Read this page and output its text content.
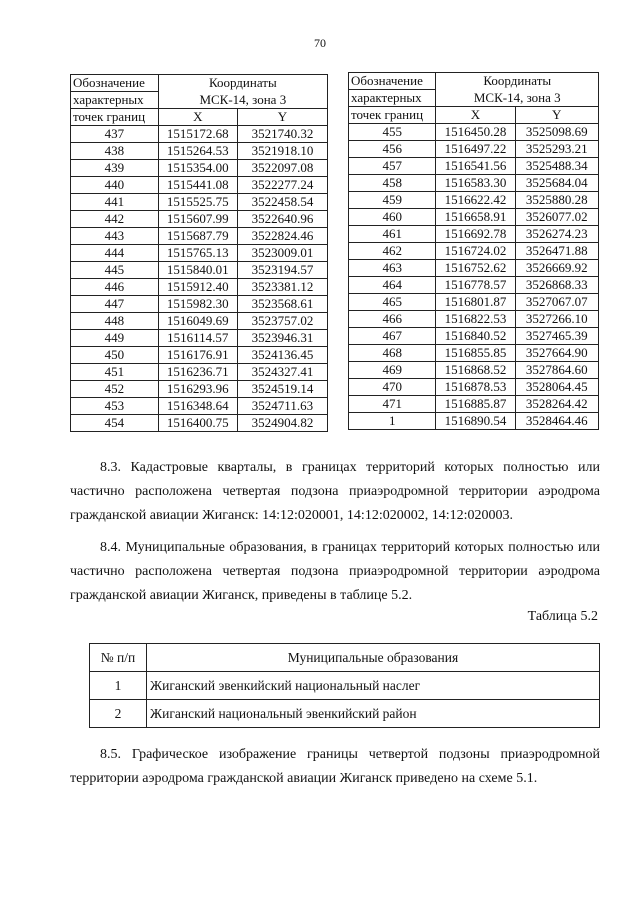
70
Обозначение	Координаты	
характерных	МСК-14, зона 3	
точек границ	X	Y
437	1515172.68	3521740.32
438	1515264.53	3521918.10
439	1515354.00	3522097.08
440	1515441.08	3522277.24
441	1515525.75	3522458.54
442	1515607.99	3522640.96
443	1515687.79	3522824.46
444	1515765.13	3523009.01
445	1515840.01	3523194.57
446	1515912.40	3523381.12
447	1515982.30	3523568.61
448	1516049.69	3523757.02
449	1516114.57	3523946.31
450	1516176.91	3524136.45
451	1516236.71	3524327.41
452	1516293.96	3524519.14
453	1516348.64	3524711.63
454	1516400.75	3524904.82
Обозначение	Координаты	
характерных	МСК-14, зона 3	
точек границ	X	Y
455	1516450.28	3525098.69
456	1516497.22	3525293.21
457	1516541.56	3525488.34
458	1516583.30	3525684.04
459	1516622.42	3525880.28
460	1516658.91	3526077.02
461	1516692.78	3526274.23
462	1516724.02	3526471.88
463	1516752.62	3526669.92
464	1516778.57	3526868.33
465	1516801.87	3527067.07
466	1516822.53	3527266.10
467	1516840.52	3527465.39
468	1516855.85	3527664.90
469	1516868.52	3527864.60
470	1516878.53	3528064.45
471	1516885.87	3528264.42
1	1516890.54	3528464.46

8.3. Кадастровые кварталы, в границах территорий которых полностью или частично расположена четвертая подзона приаэродромной территории аэродрома гражданской авиации Жиганск: 14:12:020001, 14:12:020002, 14:12:020003.

8.4. Муниципальные образования, в границах территорий которых полностью или частично расположена четвертая подзона приаэродромной территории аэродрома гражданской авиации Жиганск, приведены в таблице 5.2.

Таблица 5.2
№ п/п	Муниципальные образования
1	Жиганский эвенкийский национальный наслег
2	Жиганский национальный эвенкийский район

8.5. Графическое изображение границы четвертой подзоны приаэродромной территории аэродрома гражданской авиации Жиганск приведено на схеме 5.1.
